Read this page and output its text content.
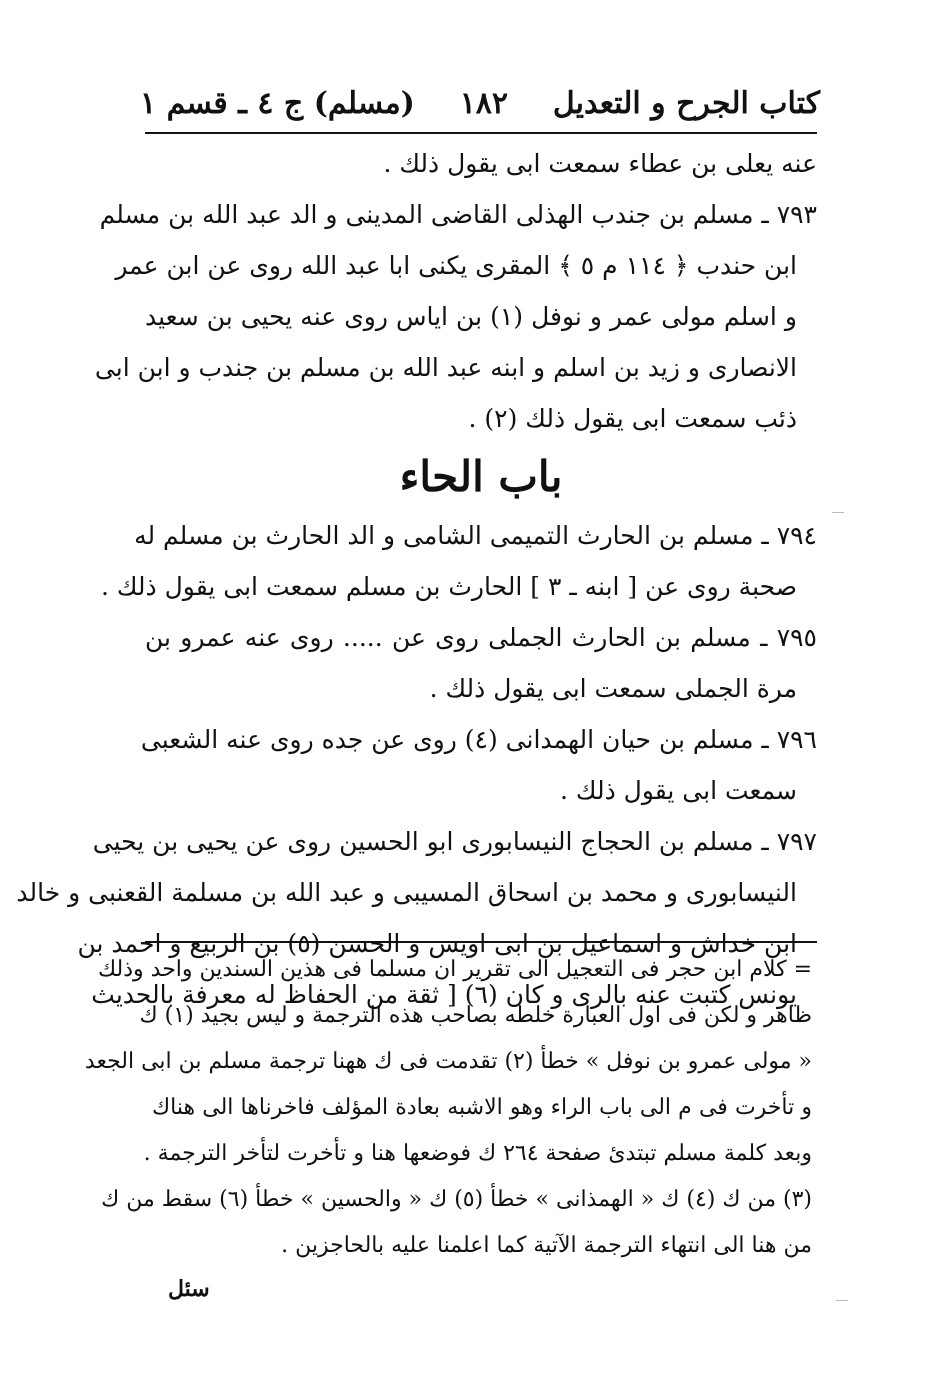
كتاب الجرح و التعديل
١٨٢
(مسلم) ج ٤ ـ قسم ١
عنه يعلى بن عطاء سمعت ابى يقول ذلك .
٧٩٣ ـ مسلم بن جندب الهذلى القاضى المدينى و الد عبد الله بن مسلم
ابن حندب ﴿ ١١٤ م ٥ ﴾ المقرى يكنى ابا عبد الله روى عن ابن عمر
و اسلم مولى عمر و نوفل (١) بن اياس روى عنه يحيى بن سعيد
الانصارى و زيد بن اسلم و ابنه عبد الله بن مسلم بن جندب و ابن ابى
ذئب سمعت ابى يقول ذلك (٢) .
باب الحاء
٧٩٤ ـ مسلم بن الحارث التميمى الشامى و الد الحارث بن مسلم له
صحبة روى عن [ ابنه ـ ٣ ] الحارث بن مسلم سمعت ابى يقول ذلك .
٧٩٥ ـ مسلم بن الحارث الجملى روى عن ..... روى عنه عمرو بن
مرة الجملى سمعت ابى يقول ذلك .
٧٩٦ ـ مسلم بن حيان الهمدانى (٤) روى عن جده روى عنه الشعبى
سمعت ابى يقول ذلك .
٧٩٧ ـ مسلم بن الحجاج النيسابورى ابو الحسين روى عن يحيى بن يحيى
النيسابورى و محمد بن اسحاق المسيبى و عبد الله بن مسلمة القعنبى و خالد
ابن خداش و اسماعيل بن ابى اويس و الحسن (٥) بن الربيع و احمد بن
يونس كتبت عنه بالرى و كان (٦) [ ثقة من الحفاظ له معرفة بالحديث
= كلام ابن حجر فى التعجيل الى تقرير ان مسلما فى هذين السندين واحد وذلك
ظاهر و لكن فى اول العبارة خلطه بصاحب هذه الترجمة و ليس بجيد (١) ك
« مولى عمرو بن نوفل » خطأ (٢) تقدمت فى ك ههنا ترجمة مسلم بن ابى الجعد
و تأخرت فى م الى باب الراء وهو الاشبه بعادة المؤلف فاخرناها الى هناك
وبعد كلمة مسلم تبتدئ صفحة ٢٦٤ ك فوضعها هنا و تأخرت لتأخر الترجمة .
(٣) من ك (٤) ك « الهمذانى » خطأ (٥) ك « والحسين » خطأ (٦) سقط من ك
من هنا الى انتهاء الترجمة الآتية كما اعلمنا عليه بالحاجزين .
سئل
